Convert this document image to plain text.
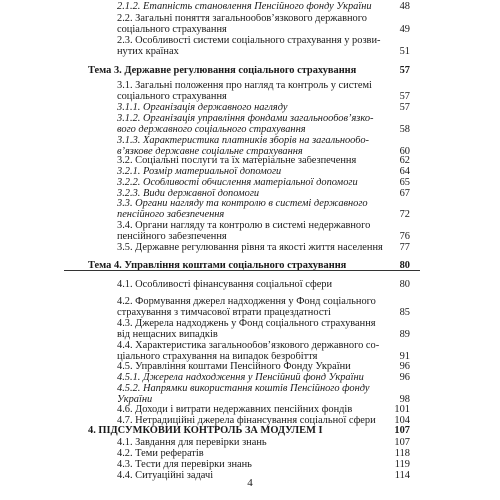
2.1.2. Етапність становлення Пенсійного фонду України	48
2.2. Загальні поняття загальнообов’язкового державного
соціального страхування	49
2.3. Особливості системи соціального страхування у розви-
нутих країнах	51
Тема 3. Державне регулювання соціального страхування	57
3.1. Загальні положення про нагляд та контроль у системі
соціального страхування	57
3.1.1. Організація державного нагляду	57
3.1.2. Організація управління фондами загальнообов’язко-
вого державного соціального страхування	58
3.1.3. Характеристика платників зборів на загальнообо-
в’язкове державне соціальне страхування	60
3.2. Соціальні послуги та їх матеріальне забезпечення	62
3.2.1. Розмір материальної допомоги	64
3.2.2. Особливості обчислення матеріальної допомоги	65
3.2.3. Види державної допомоги	67
3.3. Органи нагляду та контролю в системі державного
пенсійного забезпечення	72
3.4. Органи нагляду та контролю в системі недержавного
пенсійного забезпечення	76
3.5. Державне регулювання рівня та якості життя населення	77
Тема 4. Управління коштами соціального страхування	80
4.1. Особливості фінансування соціальної сфери	80
4.2. Формування джерел надходження у Фонд соціального
страхування з тимчасової втрати працездатності	85
4.3. Джерела надходжень у Фонд соціального страхування
від нещасних випадків	89
4.4. Характеристика загальнообов’язкового державного со-
ціального страхування на випадок безробіття	91
4.5. Управління коштами Пенсійного Фонду України	96
4.5.1. Джерела надходження у Пенсійний фонд України	96
4.5.2. Напрямки використання коштів Пенсійного фонду
України	98
4.6. Доходи і витрати недержавних пенсійних фондів	101
4.7. Нетрадиційні джерела фінансування соціальної сфери	104
4. ПІДСУМКОВИЙ КОНТРОЛЬ ЗА МОДУЛЕМ І	107
4.1. Завдання для перевірки знань	107
4.2. Теми рефератів	118
4.3. Тести для перевірки знань	119
4.4. Ситуаційні задачі	114
4
